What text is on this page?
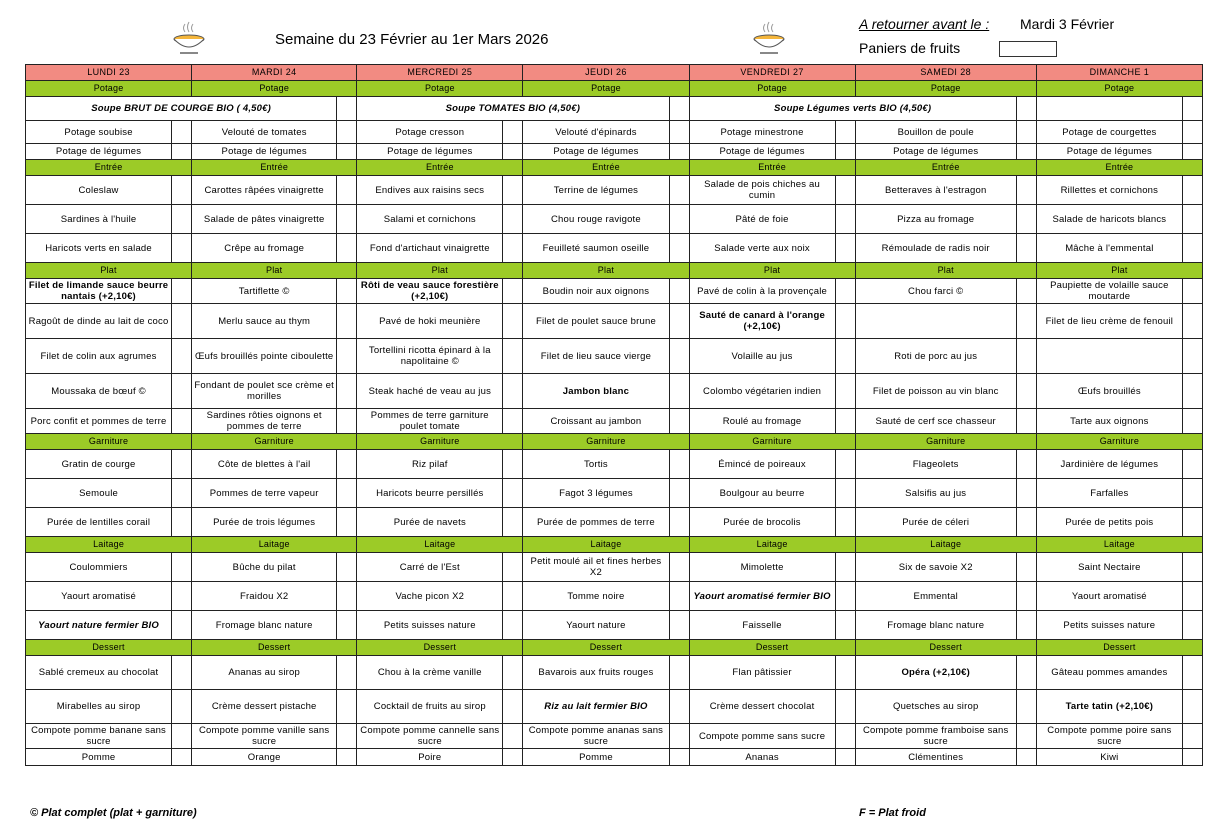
Semaine du 23 Février au 1er Mars 2026
A retourner avant le : Mardi 3 Février
Paniers de fruits
LUNDI 23		MARDI 24		MERCREDI 25		JEUDI 26		VENDREDI 27		SAMEDI 28		DIMANCHE 1	
Potage		Potage		Potage		Potage		Potage		Potage		Potage	
Soupe BRUT DE COURGE BIO ( 4,50€)				Soupe TOMATES BIO (4,50€)				Soupe Légumes verts BIO (4,50€)					
Potage soubise		Velouté de tomates		Potage cresson		Velouté d'épinards		Potage minestrone		Bouillon de poule		Potage de courgettes	
Potage de légumes		Potage de légumes		Potage de légumes		Potage de légumes		Potage de légumes		Potage de légumes		Potage de légumes	
Entrée		Entrée		Entrée		Entrée		Entrée		Entrée		Entrée	
Coleslaw		Carottes râpées vinaigrette		Endives aux raisins secs		Terrine de légumes		Salade de pois chiches au cumin		Betteraves à l'estragon		Rillettes et cornichons	
Sardines à l'huile		Salade de pâtes vinaigrette		Salami et cornichons		Chou rouge ravigote		Pâté de foie		Pizza au fromage		Salade de haricots blancs	
Haricots verts en salade		Crêpe au fromage		Fond d'artichaut vinaigrette		Feuilleté saumon oseille		Salade verte aux noix		Rémoulade de radis noir		Mâche à l'emmental	
Plat		Plat		Plat		Plat		Plat		Plat		Plat	
Filet de limande sauce beurre nantais (+2,10€)		Tartiflette ©		Rôti de veau sauce forestière (+2,10€)		Boudin noir aux oignons		Pavé de colin à la provençale		Chou farci ©		Paupiette de volaille sauce moutarde	
Ragoût de dinde au lait de coco		Merlu sauce au thym		Pavé de hoki meunière		Filet de poulet sauce brune		Sauté de canard à l'orange (+2,10€)				Filet de lieu crème de fenouil	
Filet de colin aux agrumes		Œufs brouillés pointe ciboulette		Tortellini ricotta épinard à la napolitaine ©		Filet de lieu sauce vierge		Volaille au jus		Roti de porc au jus			
Moussaka de bœuf ©		Fondant de poulet sce crème et morilles		Steak haché de veau au jus		Jambon blanc		Colombo végétarien indien		Filet de poisson au vin blanc		Œufs brouillés	
Porc confit et pommes de terre		Sardines rôties oignons et pommes de terre		Pommes de terre garniture poulet tomate		Croissant au jambon		Roulé au fromage		Sauté de cerf sce chasseur		Tarte aux oignons	
Garniture		Garniture		Garniture		Garniture		Garniture		Garniture		Garniture	
Gratin de courge		Côte de blettes à l'ail		Riz pilaf		Tortis		Émincé de poireaux		Flageolets		Jardinière de légumes	
Semoule		Pommes de terre vapeur		Haricots beurre persillés		Fagot 3 légumes		Boulgour au beurre		Salsifis au jus		Farfalles	
Purée de lentilles corail		Purée de trois légumes		Purée de navets		Purée de pommes de terre		Purée de brocolis		Purée de céleri		Purée de petits pois	
Laitage		Laitage		Laitage		Laitage		Laitage		Laitage		Laitage	
Coulommiers		Bûche du pilat		Carré de l'Est		Petit moulé ail et fines herbes X2		Mimolette		Six de savoie X2		Saint Nectaire	
Yaourt aromatisé		Fraidou X2		Vache picon X2		Tomme noire		Yaourt aromatisé fermier BIO		Emmental		Yaourt aromatisé	
Yaourt nature fermier BIO		Fromage blanc nature		Petits suisses nature		Yaourt nature		Faisselle		Fromage blanc nature		Petits suisses nature	
Dessert		Dessert		Dessert		Dessert		Dessert		Dessert		Dessert	
Sablé cremeux au chocolat		Ananas au sirop		Chou à la crème vanille		Bavarois aux fruits rouges		Flan pâtissier		Opéra (+2,10€)		Gâteau pommes amandes	
Mirabelles au sirop		Crème dessert pistache		Cocktail de fruits au sirop		Riz au lait fermier BIO		Crème dessert chocolat		Quetsches au sirop		Tarte tatin (+2,10€)	
Compote pomme banane sans sucre		Compote pomme vanille sans sucre		Compote pomme cannelle sans sucre		Compote pomme ananas sans sucre		Compote pomme sans sucre		Compote pomme framboise sans sucre		Compote pomme poire sans sucre	
Pomme		Orange		Poire		Pomme		Ananas		Clémentines		Kiwi	
© Plat complet (plat + garniture)	F = Plat froid
